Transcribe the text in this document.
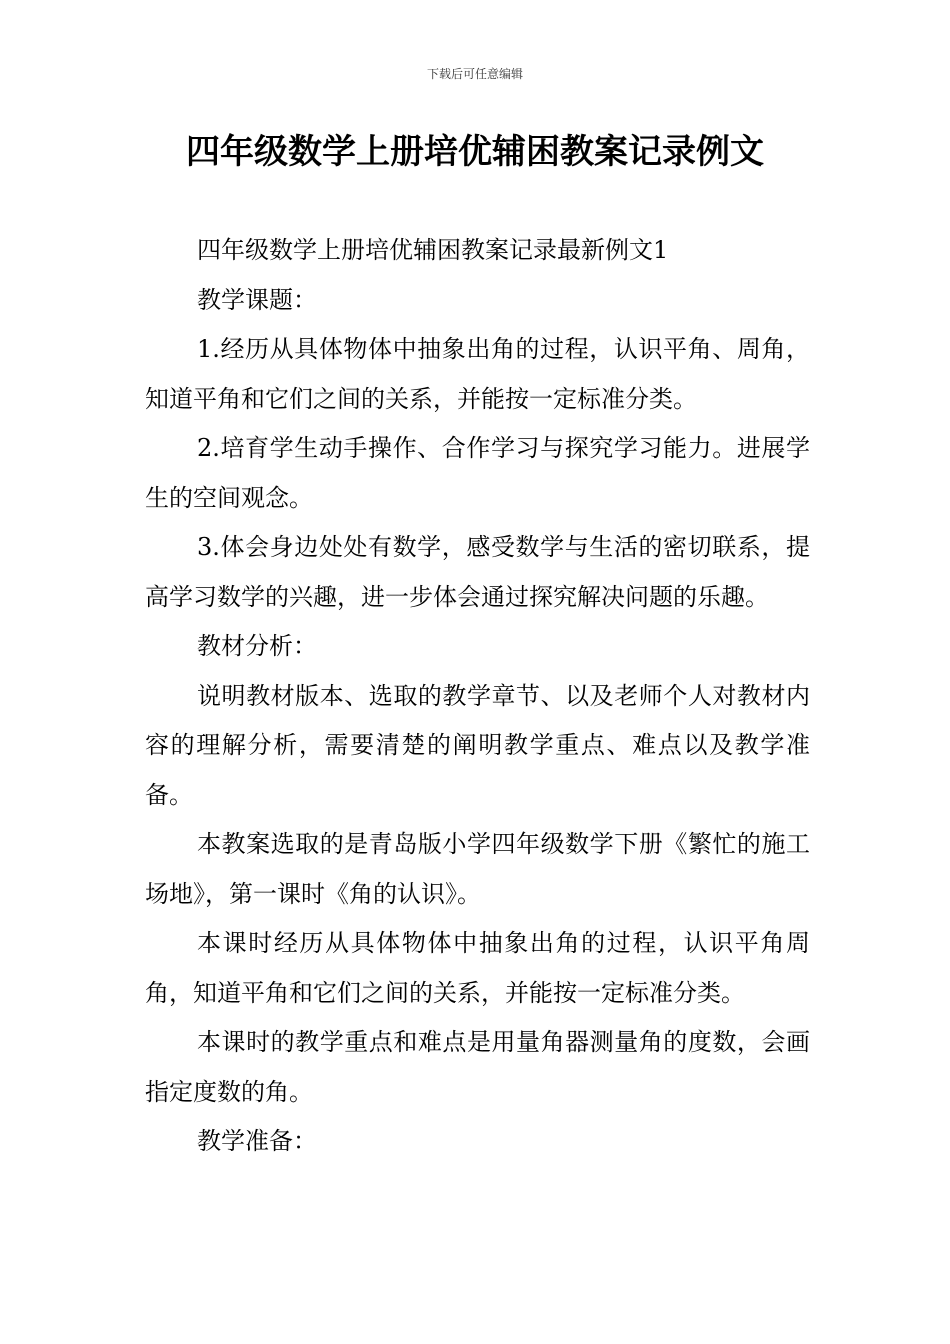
下载后可任意编辑
四年级数学上册培优辅困教案记录例文

四年级数学上册培优辅困教案记录最新例文1

教学课题：

1.经历从具体物体中抽象出角的过程，认识平角、周角，知道平角和它们之间的关系，并能按一定标准分类。

2.培育学生动手操作、合作学习与探究学习能力。进展学生的空间观念。

3.体会身边处处有数学，感受数学与生活的密切联系，提高学习数学的兴趣，进一步体会通过探究解决问题的乐趣。

教材分析：

说明教材版本、选取的教学章节、以及老师个人对教材内容的理解分析，需要清楚的阐明教学重点、难点以及教学准备。

本教案选取的是青岛版小学四年级数学下册《繁忙的施工场地》，第一课时《角的认识》。

本课时经历从具体物体中抽象出角的过程，认识平角周角，知道平角和它们之间的关系，并能按一定标准分类。

本课时的教学重点和难点是用量角器测量角的度数，会画指定度数的角。

教学准备：
